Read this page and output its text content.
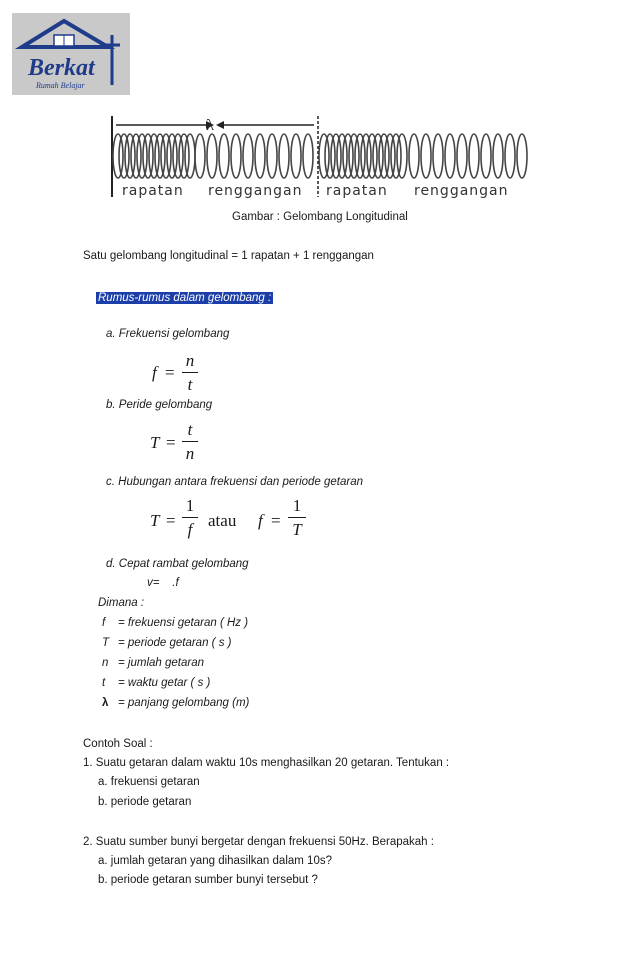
Berkat
Rumah Belajar
λ
rapatan renggangan rapatan renggangan
Gambar : Gelombang Longitudinal
Satu gelombang longitudinal = 1 rapatan + 1 renggangan
Rumus-rumus dalam gelombang :
a. Frekuensi gelombang
f =
n
t
b. Peride gelombang
T =
t
n
c. Hubungan antara frekuensi dan periode getaran
T =
1
f atau f =
1
T
d. Cepat rambat gelombang
v=    .f
Dimana :
f = frekuensi getaran ( Hz )
T = periode getaran ( s )
n = jumlah getaran
t = waktu getar ( s )
λ = panjang gelombang (m)
Contoh Soal :
1. Suatu getaran dalam waktu 10s menghasilkan 20 getaran. Tentukan :
a. frekuensi getaran
b. periode getaran
2. Suatu sumber bunyi bergetar dengan frekuensi 50Hz. Berapakah :
a. jumlah getaran yang dihasilkan dalam 10s?
b. periode getaran sumber bunyi tersebut ?
